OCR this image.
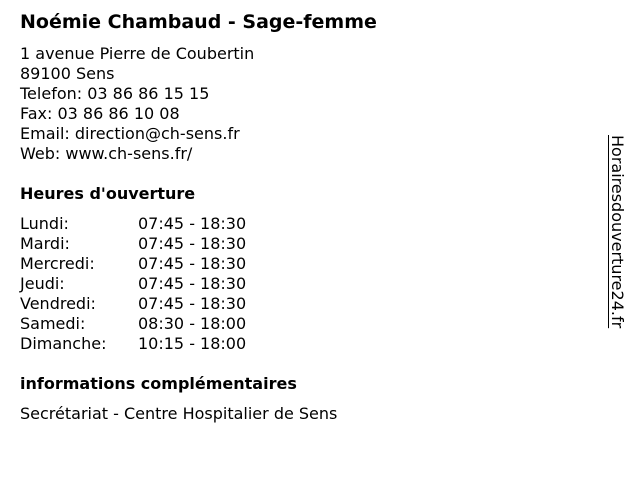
Noémie Chambaud - Sage-femme
1 avenue Pierre de Coubertin
89100 Sens
Telefon: 03 86 86 15 15
Fax: 03 86 86 10 08
Email: direction@ch-sens.fr
Web: www.ch-sens.fr/
Heures d'ouverture
Lundi:	07:45 - 18:30
Mardi:	07:45 - 18:30
Mercredi:	07:45 - 18:30
Jeudi:	07:45 - 18:30
Vendredi:	07:45 - 18:30
Samedi:	08:30 - 18:00
Dimanche:	10:15 - 18:00
informations complémentaires
Secrétariat - Centre Hospitalier de Sens
Horairesdouverture24.fr
